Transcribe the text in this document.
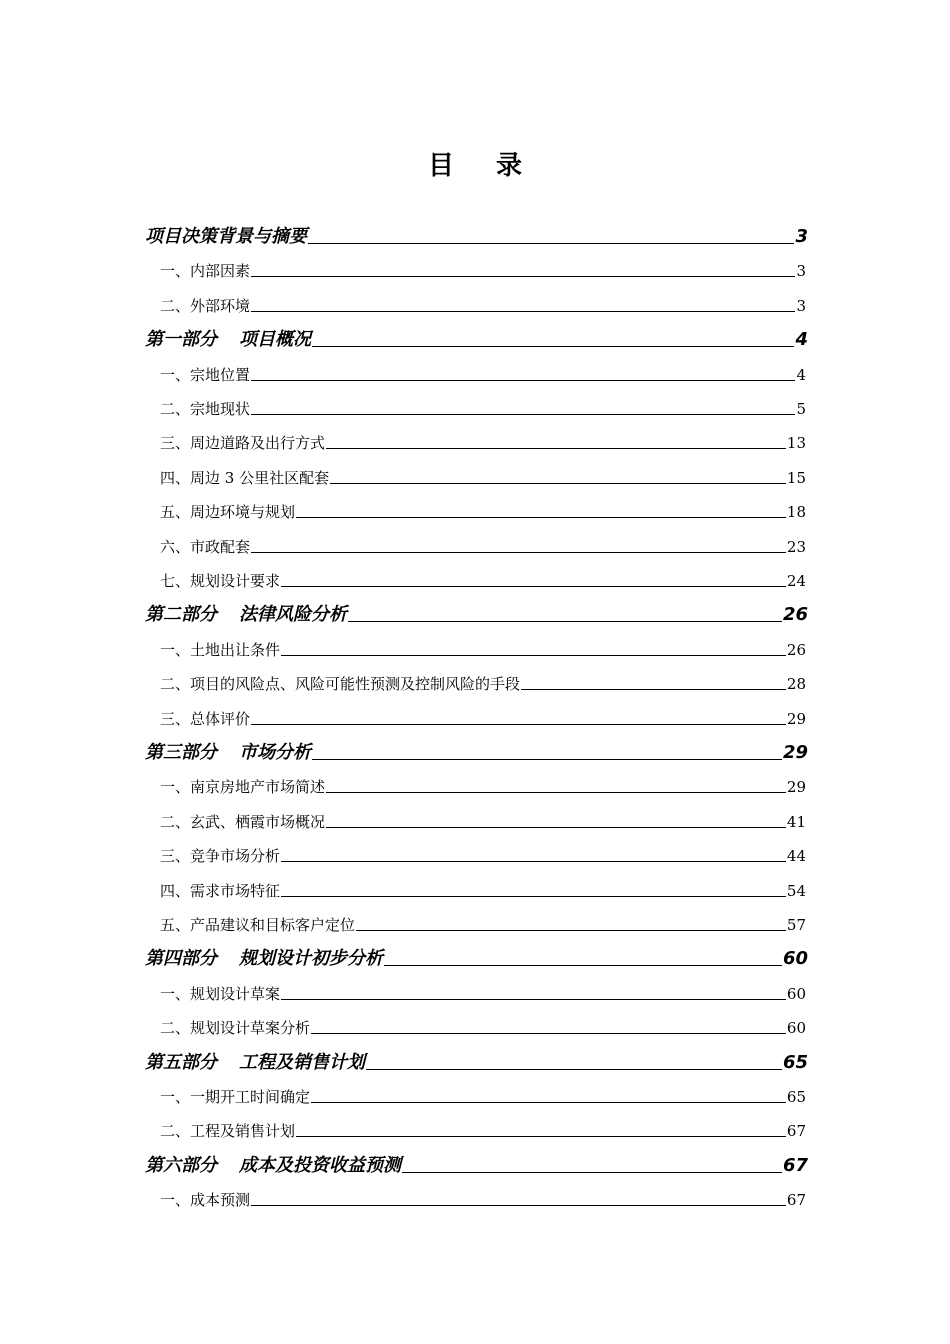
目 录
项目决策背景与摘要	3
一、内部因素	3
二、外部环境	3
第一部分 项目概况	4
一、宗地位置	4
二、宗地现状	5
三、周边道路及出行方式	13
四、周边 3 公里社区配套	15
五、周边环境与规划	18
六、市政配套	23
七、规划设计要求	24
第二部分 法律风险分析	26
一、土地出让条件	26
二、项目的风险点、风险可能性预测及控制风险的手段	28
三、总体评价	29
第三部分 市场分析	29
一、南京房地产市场简述	29
二、玄武、栖霞市场概况	41
三、竞争市场分析	44
四、需求市场特征	54
五、产品建议和目标客户定位	57
第四部分 规划设计初步分析	60
一、规划设计草案	60
二、规划设计草案分析	60
第五部分 工程及销售计划	65
一、一期开工时间确定	65
二、工程及销售计划	67
第六部分 成本及投资收益预测	67
一、成本预测	67
